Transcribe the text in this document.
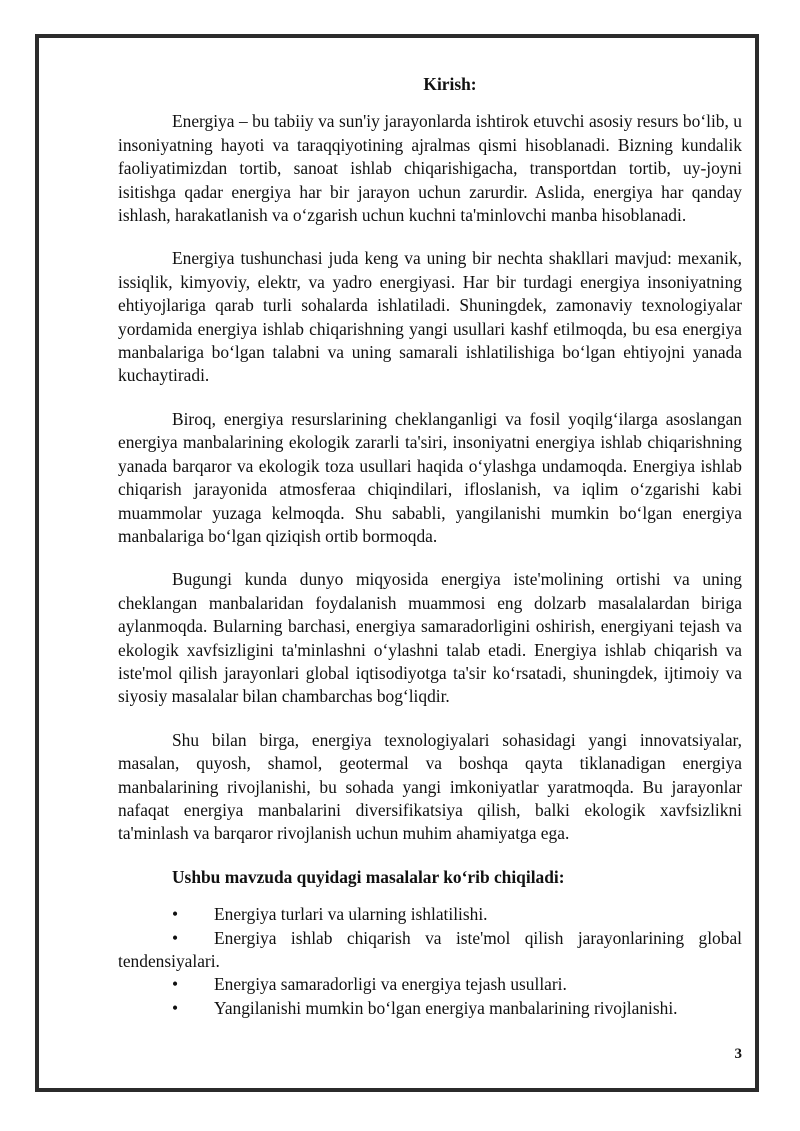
Kirish:

Energiya – bu tabiiy va sun'iy jarayonlarda ishtirok etuvchi asosiy resurs bo‘lib, u insoniyatning hayoti va taraqqiyotining ajralmas qismi hisoblanadi. Bizning kundalik faoliyatimizdan tortib, sanoat ishlab chiqarishigacha, transportdan tortib, uy-joyni isitishga qadar energiya har bir jarayon uchun zarurdir. Aslida, energiya har qanday ishlash, harakatlanish va o‘zgarish uchun kuchni ta'minlovchi manba hisoblanadi.

Energiya tushunchasi juda keng va uning bir nechta shakllari mavjud: mexanik, issiqlik, kimyoviy, elektr, va yadro energiyasi. Har bir turdagi energiya insoniyatning ehtiyojlariga qarab turli sohalarda ishlatiladi. Shuningdek, zamonaviy texnologiyalar yordamida energiya ishlab chiqarishning yangi usullari kashf etilmoqda, bu esa energiya manbalariga bo‘lgan talabni va uning samarali ishlatilishiga bo‘lgan ehtiyojni yanada kuchaytiradi.

Biroq, energiya resurslarining cheklanganligi va fosil yoqilg‘ilarga asoslangan energiya manbalarining ekologik zararli ta'siri, insoniyatni energiya ishlab chiqarishning yanada barqaror va ekologik toza usullari haqida o‘ylashga undamoqda. Energiya ishlab chiqarish jarayonida atmosferaa chiqindilari, ifloslanish, va iqlim o‘zgarishi kabi muammolar yuzaga kelmoqda. Shu sababli, yangilanishi mumkin bo‘lgan energiya manbalariga bo‘lgan qiziqish ortib bormoqda.

Bugungi kunda dunyo miqyosida energiya iste'molining ortishi va uning cheklangan manbalaridan foydalanish muammosi eng dolzarb masalalardan biriga aylanmoqda. Bularning barchasi, energiya samaradorligini oshirish, energiyani tejash va ekologik xavfsizligini ta'minlashni o‘ylashni talab etadi. Energiya ishlab chiqarish va iste'mol qilish jarayonlari global iqtisodiyotga ta'sir ko‘rsatadi, shuningdek, ijtimoiy va siyosiy masalalar bilan chambarchas bog‘liqdir.

Shu bilan birga, energiya texnologiyalari sohasidagi yangi innovatsiyalar, masalan, quyosh, shamol, geotermal va boshqa qayta tiklanadigan energiya manbalarining rivojlanishi, bu sohada yangi imkoniyatlar yaratmoqda. Bu jarayonlar nafaqat energiya manbalarini diversifikatsiya qilish, balki ekologik xavfsizlikni ta'minlash va barqaror rivojlanish uchun muhim ahamiyatga ega.

Ushbu mavzuda quyidagi masalalar ko‘rib chiqiladi:
• Energiya turlari va ularning ishlatilishi.
• Energiya ishlab chiqarish va iste'mol qilish jarayonlarining global tendensiyalari.
• Energiya samaradorligi va energiya tejash usullari.
• Yangilanishi mumkin bo‘lgan energiya manbalarining rivojlanishi.
3
